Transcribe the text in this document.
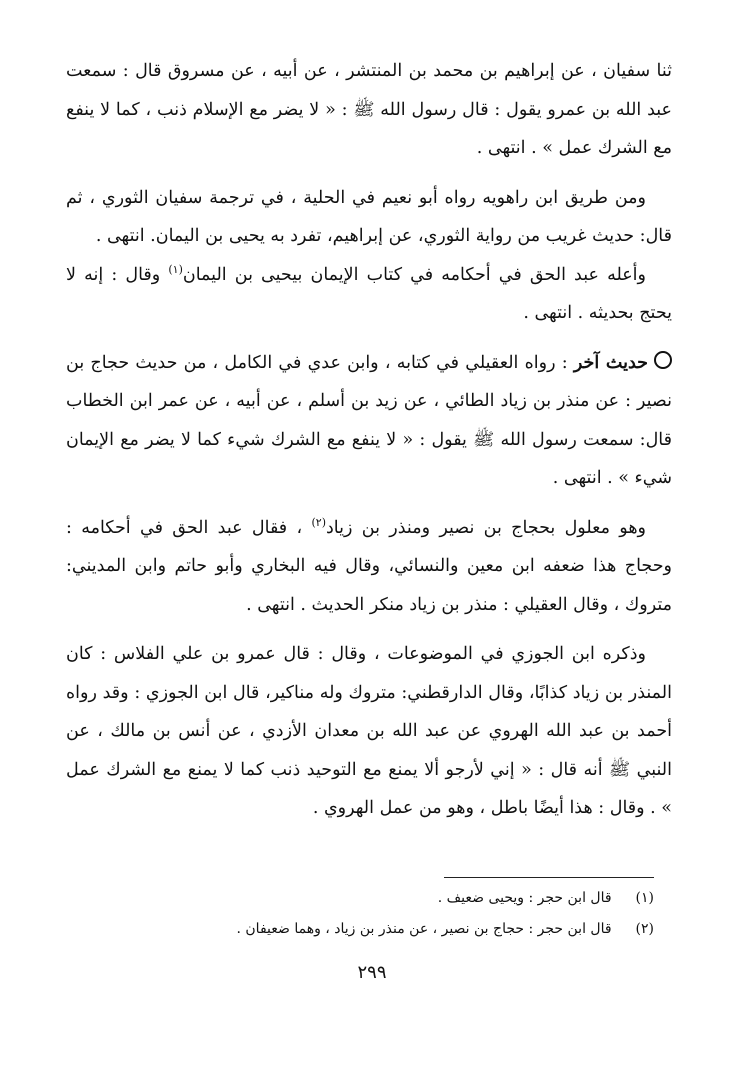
ثنا سفيان ، عن إبراهيم بن محمد بن المنتشر ، عن أبيه ، عن مسروق قال : سمعت عبد الله بن عمرو يقول : قال رسول الله ﷺ : « لا يضر مع الإسلام ذنب ، كما لا ينفع مع الشرك عمل » . انتهى .

ومن طريق ابن راهويه رواه أبو نعيم في الحلية ، في ترجمة سفيان الثوري ، ثم قال: حديث غريب من رواية الثوري، عن إبراهيم، تفرد به يحيى بن اليمان. انتهى .

وأعله عبد الحق في أحكامه في كتاب الإيمان بيحيى بن اليمان$^{(١)}$ وقال : إنه لا يحتج بحديثه . انتهى .

حديث آخر : رواه العقيلي في كتابه ، وابن عدي في الكامل ، من حديث حجاج بن نصير : عن منذر بن زياد الطائي ، عن زيد بن أسلم ، عن أبيه ، عن عمر ابن الخطاب قال: سمعت رسول الله ﷺ يقول : « لا ينفع مع الشرك شيء كما لا يضر مع الإيمان شيء » . انتهى .

وهو معلول بحجاج بن نصير ومنذر بن زياد$^{(٢)}$ ، فقال عبد الحق في أحكامه : وحجاج هذا ضعفه ابن معين والنسائي، وقال فيه البخاري وأبو حاتم وابن المديني: متروك ، وقال العقيلي : منذر بن زياد منكر الحديث . انتهى .

وذكره ابن الجوزي في الموضوعات ، وقال : قال عمرو بن علي الفلاس : كان المنذر بن زياد كذابًا، وقال الدارقطني: متروك وله مناكير، قال ابن الجوزي : وقد رواه أحمد بن عبد الله الهروي عن عبد الله بن معدان الأزدي ، عن أنس بن مالك ، عن النبي ﷺ أنه قال : « إني لأرجو ألا يمنع مع التوحيد ذنب كما لا يمنع مع الشرك عمل » . وقال : هذا أيضًا باطل ، وهو من عمل الهروي .

(١) قال ابن حجر : ويحيى ضعيف .

(٢) قال ابن حجر : حجاج بن نصير ، عن منذر بن زياد ، وهما ضعيفان .

٢٩٩
